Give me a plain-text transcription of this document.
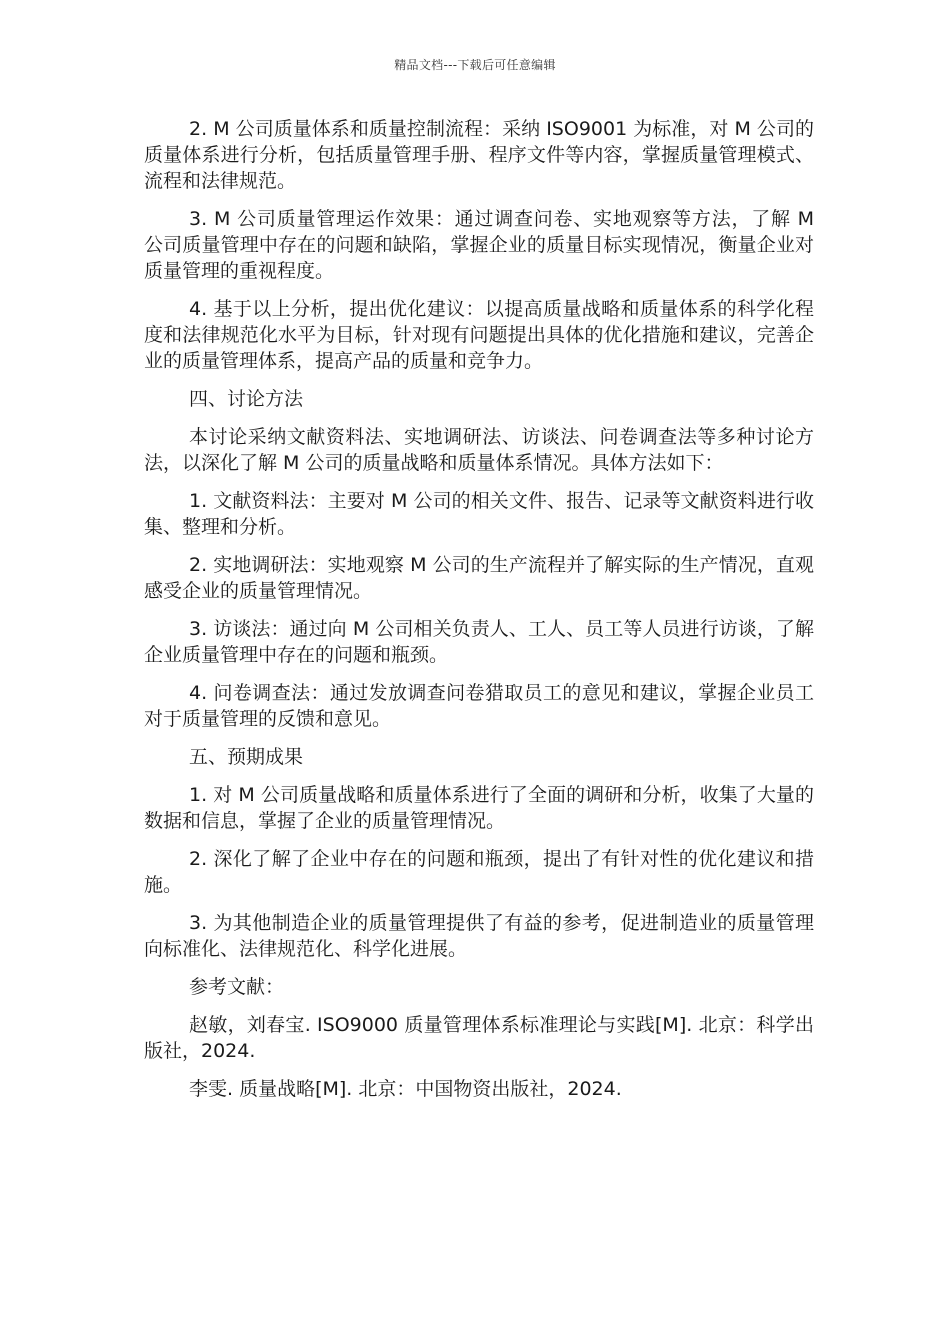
精品文档---下载后可任意编辑

2. M 公司质量体系和质量控制流程：采纳 ISO9001 为标准，对 M 公司的质量体系进行分析，包括质量管理手册、程序文件等内容，掌握质量管理模式、流程和法律规范。

3. M 公司质量管理运作效果：通过调查问卷、实地观察等方法，了解 M 公司质量管理中存在的问题和缺陷，掌握企业的质量目标实现情况，衡量企业对质量管理的重视程度。

4. 基于以上分析，提出优化建议：以提高质量战略和质量体系的科学化程度和法律规范化水平为目标，针对现有问题提出具体的优化措施和建议，完善企业的质量管理体系，提高产品的质量和竞争力。

四、讨论方法

本讨论采纳文献资料法、实地调研法、访谈法、问卷调查法等多种讨论方法，以深化了解 M 公司的质量战略和质量体系情况。具体方法如下：

1. 文献资料法：主要对 M 公司的相关文件、报告、记录等文献资料进行收集、整理和分析。

2. 实地调研法：实地观察 M 公司的生产流程并了解实际的生产情况，直观感受企业的质量管理情况。

3. 访谈法：通过向 M 公司相关负责人、工人、员工等人员进行访谈，了解企业质量管理中存在的问题和瓶颈。

4. 问卷调查法：通过发放调查问卷猎取员工的意见和建议，掌握企业员工对于质量管理的反馈和意见。

五、预期成果

1. 对 M 公司质量战略和质量体系进行了全面的调研和分析，收集了大量的数据和信息，掌握了企业的质量管理情况。

2. 深化了解了企业中存在的问题和瓶颈，提出了有针对性的优化建议和措施。

3. 为其他制造企业的质量管理提供了有益的参考，促进制造业的质量管理向标准化、法律规范化、科学化进展。

参考文献：

赵敏，刘春宝. ISO9000 质量管理体系标准理论与实践[M]. 北京：科学出版社，2024.

李雯. 质量战略[M]. 北京：中国物资出版社，2024.
